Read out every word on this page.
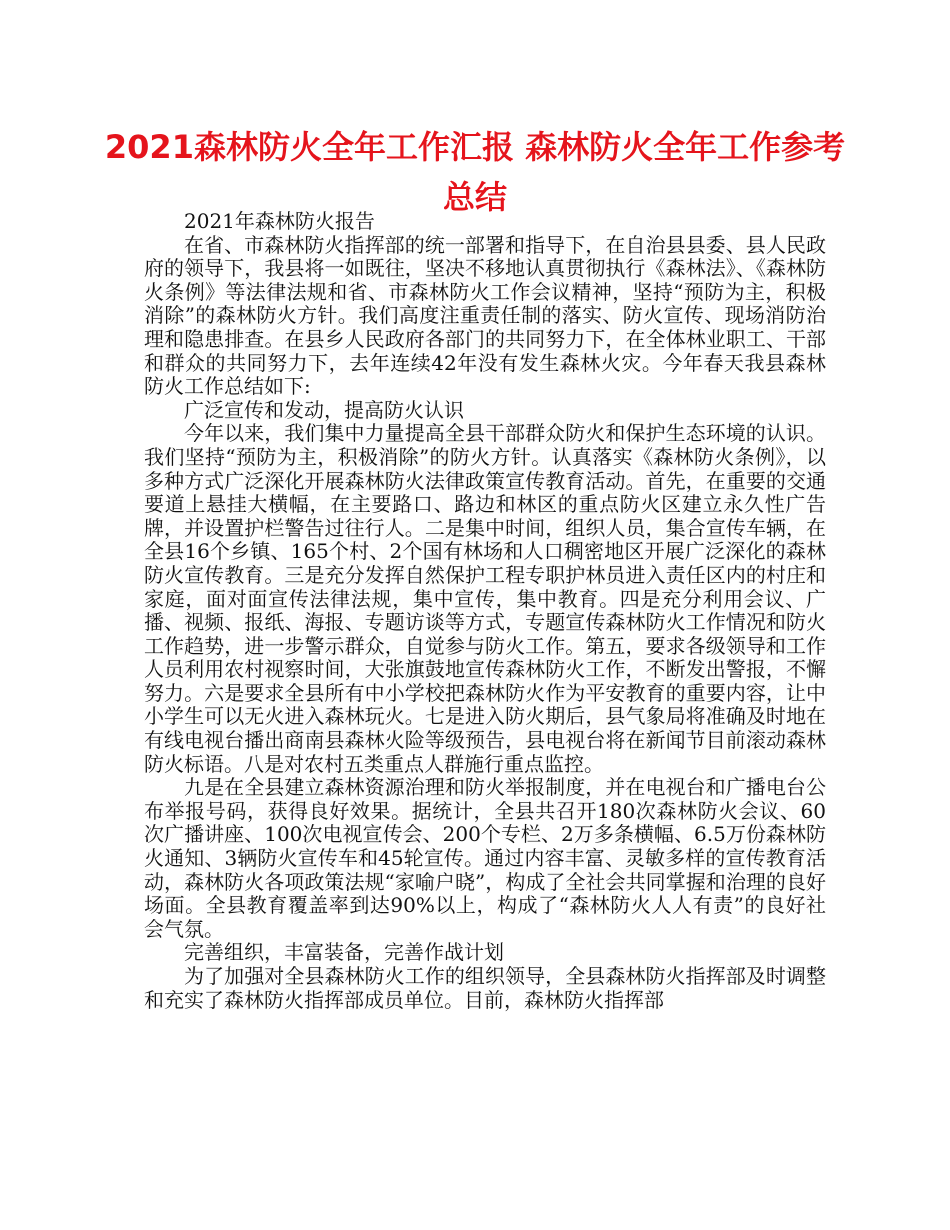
2021森林防火全年工作汇报 森林防火全年工作参考总结

2021年森林防火报告

在省、市森林防火指挥部的统一部署和指导下，在自治县县委、县人民政府的领导下，我县将一如既往，坚决不移地认真贯彻执行《森林法》、《森林防火条例》等法律法规和省、市森林防火工作会议精神，坚持“预防为主，积极消除”的森林防火方针。我们高度注重责任制的落实、防火宣传、现场消防治理和隐患排查。在县乡人民政府各部门的共同努力下，在全体林业职工、干部和群众的共同努力下，去年连续42年没有发生森林火灾。今年春天我县森林防火工作总结如下:

广泛宣传和发动，提高防火认识

今年以来，我们集中力量提高全县干部群众防火和保护生态环境的认识。我们坚持“预防为主，积极消除”的防火方针。认真落实《森林防火条例》，以多种方式广泛深化开展森林防火法律政策宣传教育活动。首先，在重要的交通要道上悬挂大横幅，在主要路口、路边和林区的重点防火区建立永久性广告牌，并设置护栏警告过往行人。二是集中时间，组织人员，集合宣传车辆，在全县16个乡镇、165个村、2个国有林场和人口稠密地区开展广泛深化的森林防火宣传教育。三是充分发挥自然保护工程专职护林员进入责任区内的村庄和家庭，面对面宣传法律法规，集中宣传，集中教育。四是充分利用会议、广播、视频、报纸、海报、专题访谈等方式，专题宣传森林防火工作情况和防火工作趋势，进一步警示群众，自觉参与防火工作。第五，要求各级领导和工作人员利用农村视察时间，大张旗鼓地宣传森林防火工作，不断发出警报，不懈努力。六是要求全县所有中小学校把森林防火作为平安教育的重要内容，让中小学生可以无火进入森林玩火。七是进入防火期后，县气象局将准确及时地在有线电视台播出商南县森林火险等级预告，县电视台将在新闻节目前滚动森林防火标语。八是对农村五类重点人群施行重点监控。

九是在全县建立森林资源治理和防火举报制度，并在电视台和广播电台公布举报号码，获得良好效果。据统计，全县共召开180次森林防火会议、60次广播讲座、100次电视宣传会、200个专栏、2万多条横幅、6.5万份森林防火通知、3辆防火宣传车和45轮宣传。通过内容丰富、灵敏多样的宣传教育活动，森林防火各项政策法规“家喻户晓”，构成了全社会共同掌握和治理的良好场面。全县教育覆盖率到达90%以上，构成了“森林防火人人有责”的良好社会气氛。

完善组织，丰富装备，完善作战计划

为了加强对全县森林防火工作的组织领导，全县森林防火指挥部及时调整和充实了森林防火指挥部成员单位。目前，森林防火指挥部
